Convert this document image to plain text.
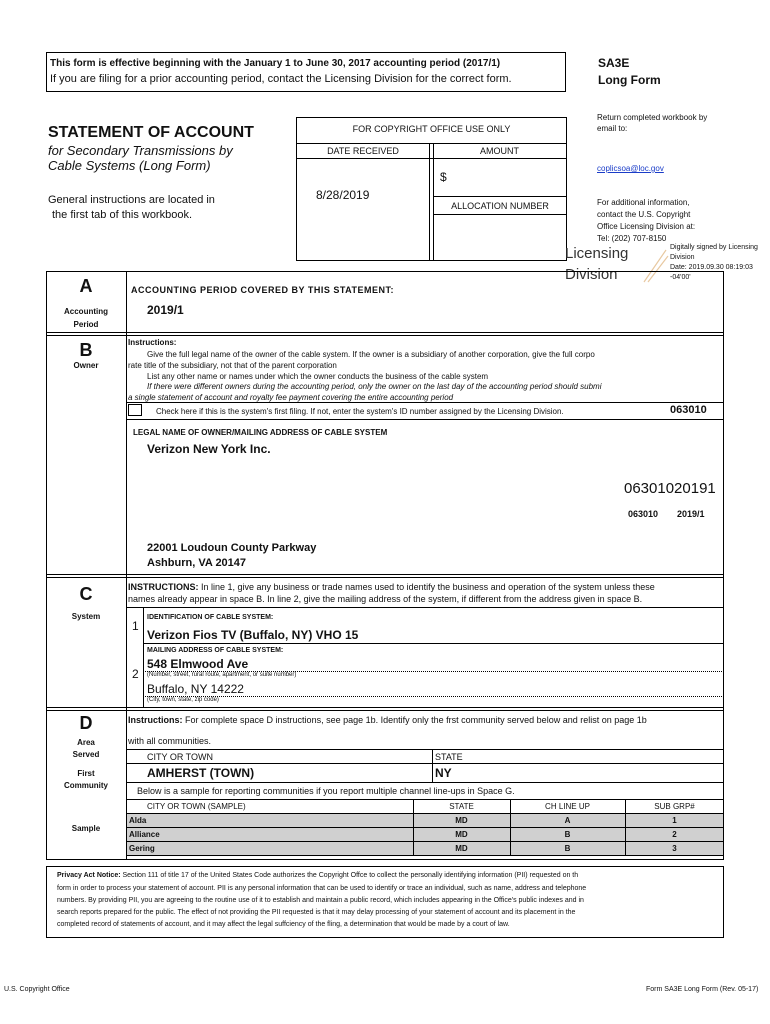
This form is effective beginning with the January 1 to June 30, 2017 accounting period (2017/1)
If you are filing for a prior accounting period, contact the Licensing Division for the correct form.
SA3E
Long Form
STATEMENT OF ACCOUNT
for Secondary Transmissions by
Cable Systems (Long Form)
General instructions are located in
the first tab of this workbook.
FOR COPYRIGHT OFFICE USE ONLY
DATE RECEIVED	AMOUNT
8/28/2019
$
ALLOCATION NUMBER
Return completed workbook by
email to:
coplicsoa@loc.gov
For additional information,
contact the U.S. Copyright
Office Licensing Division at:
Tel: (202) 707-8150
Licensing
Division
Digitally signed by Licensing
Division
Date: 2019.09.30 08:19:03
-04'00'
A
Accounting
Period
ACCOUNTING PERIOD COVERED BY THIS STATEMENT:
2019/1
B
Owner
Instructions:
Give the full legal name of the owner of the cable system. If the owner is a subsidiary of another corporation, give the full corpo
rate title of the subsidiary, not that of the parent corporation
List any other name or names under which the owner conducts the business of the cable system
If there were different owners during the accounting period, only the owner on the last day of the accounting period should submi
a single statement of account and royalty fee payment covering the entire accounting period
Check here if this is the system's first filing. If not, enter the system's ID number assigned by the Licensing Division.	063010
LEGAL NAME OF OWNER/MAILING ADDRESS OF CABLE SYSTEM
Verizon New York Inc.
06301020191
063010 2019/1
22001 Loudoun County Parkway
Ashburn, VA 20147
C
System
INSTRUCTIONS: In line 1, give any business or trade names used to identify the business and operation of the system unless these
names already appear in space B. In line 2, give the mailing address of the system, if different from the address given in space B.
1
IDENTIFICATION OF CABLE SYSTEM:
Verizon Fios TV (Buffalo, NY) VHO 15
MAILING ADDRESS OF CABLE SYSTEM:
548 Elmwood Ave
2 (Number, street, rural route, apartment, or suite number)
Buffalo, NY 14222
(City, town, state, zip code)
D
Area
Served
First
Community
Sample
Instructions: For complete space D instructions, see page 1b. Identify only the frst community served below and relist on page 1b
with all communities.
CITY OR TOWN	STATE
AMHERST (TOWN)	NY
Below is a sample for reporting communities if you report multiple channel line-ups in Space G.
CITY OR TOWN (SAMPLE)	STATE	CH LINE UP	SUB GRP#
Alda	MD	A	1
Alliance	MD	B	2
Gering	MD	B	3
Privacy Act Notice: Section 111 of title 17 of the United States Code authorizes the Copyright Offce to collect the personally identifying information (PII) requested on th
form in order to process your statement of account. PII is any personal information that can be used to identify or trace an individual, such as name, address and telephone
numbers. By providing PII, you are agreeing to the routine use of it to establish and maintain a public record, which includes appearing in the Office's public indexes and in
search reports prepared for the public. The effect of not providing the PII requested is that it may delay processing of your statement of account and its placement in the
completed record of statements of account, and it may affect the legal suffciency of the fling, a determination that would be made by a court of law.
U.S. Copyright Office	Form SA3E Long Form (Rev. 05-17)
